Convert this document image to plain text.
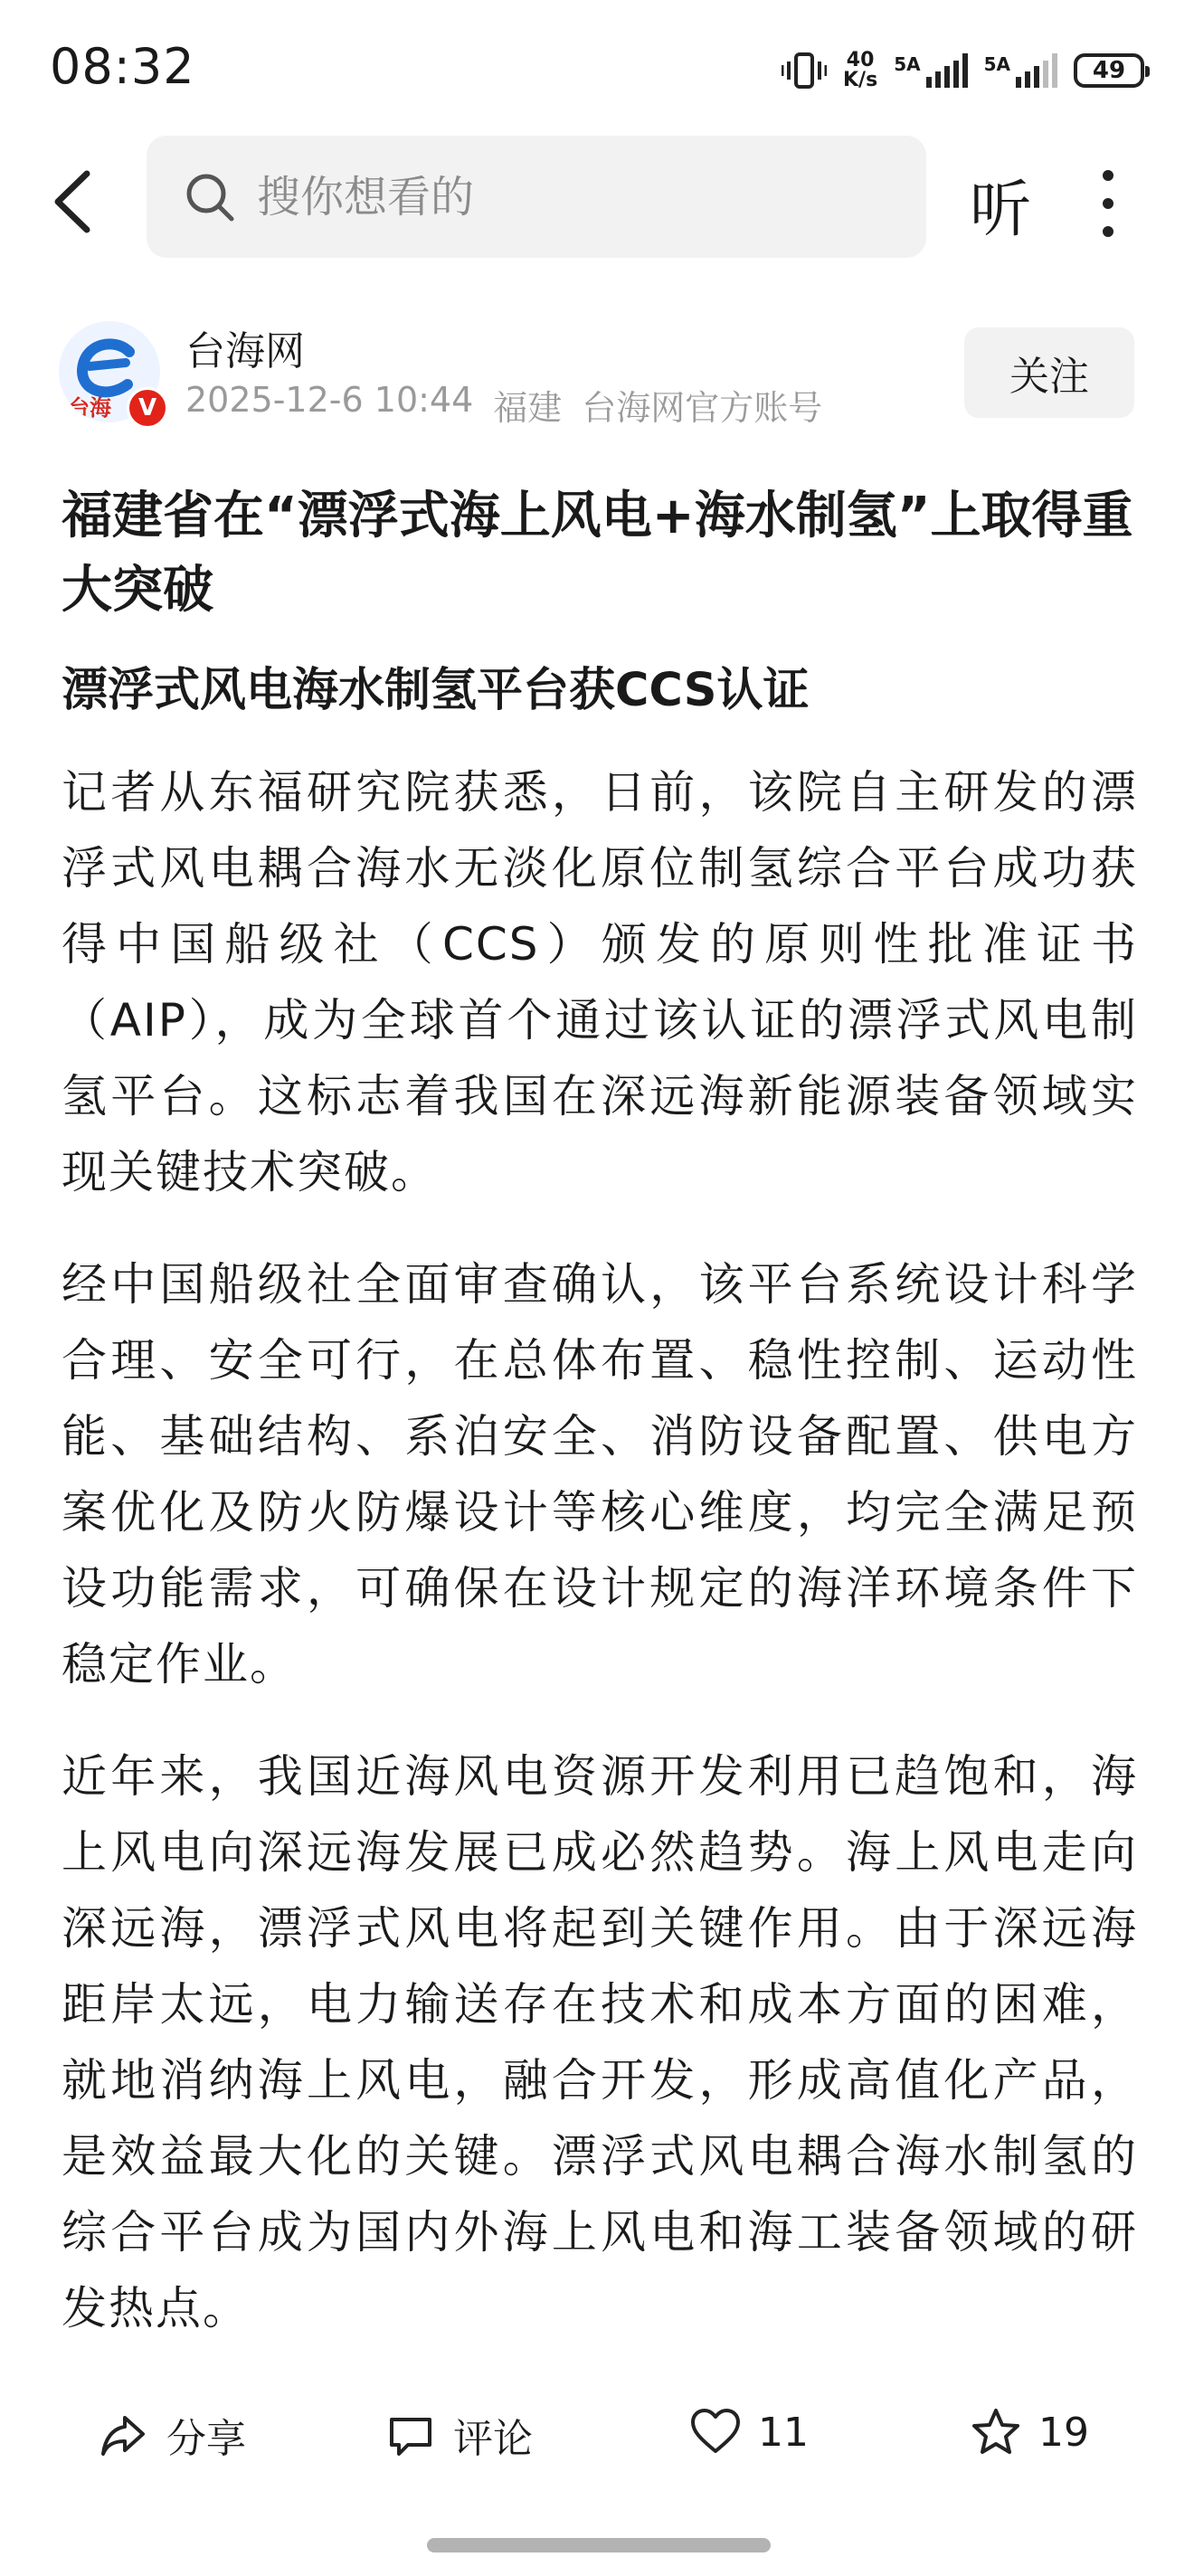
08:32	40
K/s
5A	5A	49
搜你想看的	听
台海	V
台海网
2025-12-6 10:44 福建 台海网官方账号
关注
福建省在“漂浮式海上风电+海水制氢”上取得重大突破
漂浮式风电海水制氢平台获CCS认证

记者从东福研究院获悉，日前，该院自主研发的漂浮式风电耦合海水无淡化原位制氢综合平台成功获得中国船级社（CCS）颁发的原则性批准证书（AIP），成为全球首个通过该认证的漂浮式风电制氢平台。这标志着我国在深远海新能源装备领域实现关键技术突破。

经中国船级社全面审查确认，该平台系统设计科学合理、安全可行，在总体布置、稳性控制、运动性能、基础结构、系泊安全、消防设备配置、供电方案优化及防火防爆设计等核心维度，均完全满足预设功能需求，可确保在设计规定的海洋环境条件下稳定作业。

近年来，我国近海风电资源开发利用已趋饱和，海上风电向深远海发展已成必然趋势。海上风电走向深远海，漂浮式风电将起到关键作用。由于深远海距岸太远，电力输送存在技术和成本方面的困难，就地消纳海上风电，融合开发，形成高值化产品，是效益最大化的关键。漂浮式风电耦合海水制氢的综合平台成为国内外海上风电和海工装备领域的研发热点。

分享	评论	11	19
